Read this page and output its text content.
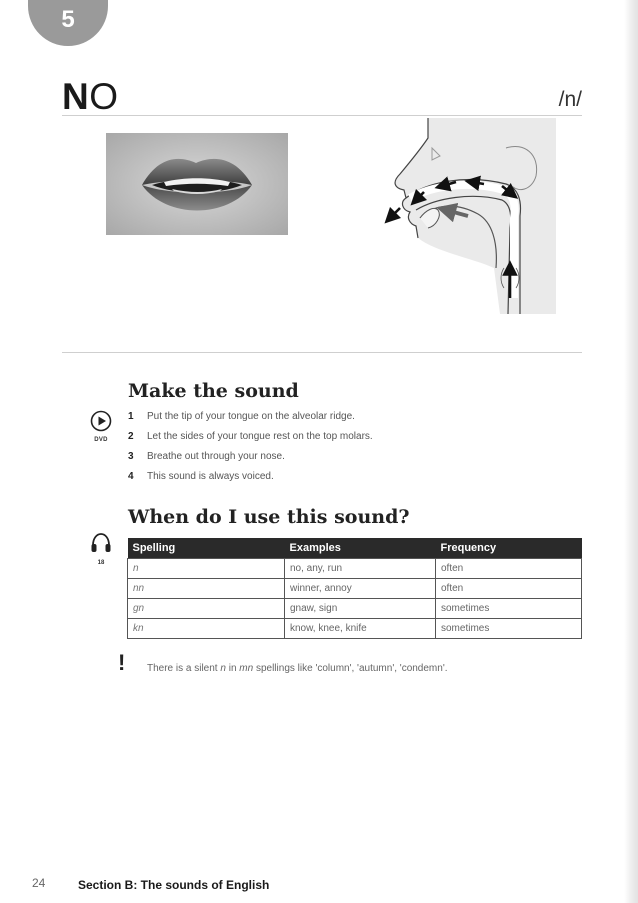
5
NO	/n/
Make the sound
DVD
1 Put the tip of your tongue on the alveolar ridge.
2 Let the sides of your tongue rest on the top molars.
3 Breathe out through your nose.
4 This sound is always voiced.
When do I use this sound?
18
Spelling	Examples	Frequency
n	no, any, run	often
nn	winner, annoy	often
gn	gnaw, sign	sometimes
kn	know, knee, knife	sometimes
! There is a silent n in mn spellings like 'column', 'autumn', 'condemn'.
24	Section B: The sounds of English
